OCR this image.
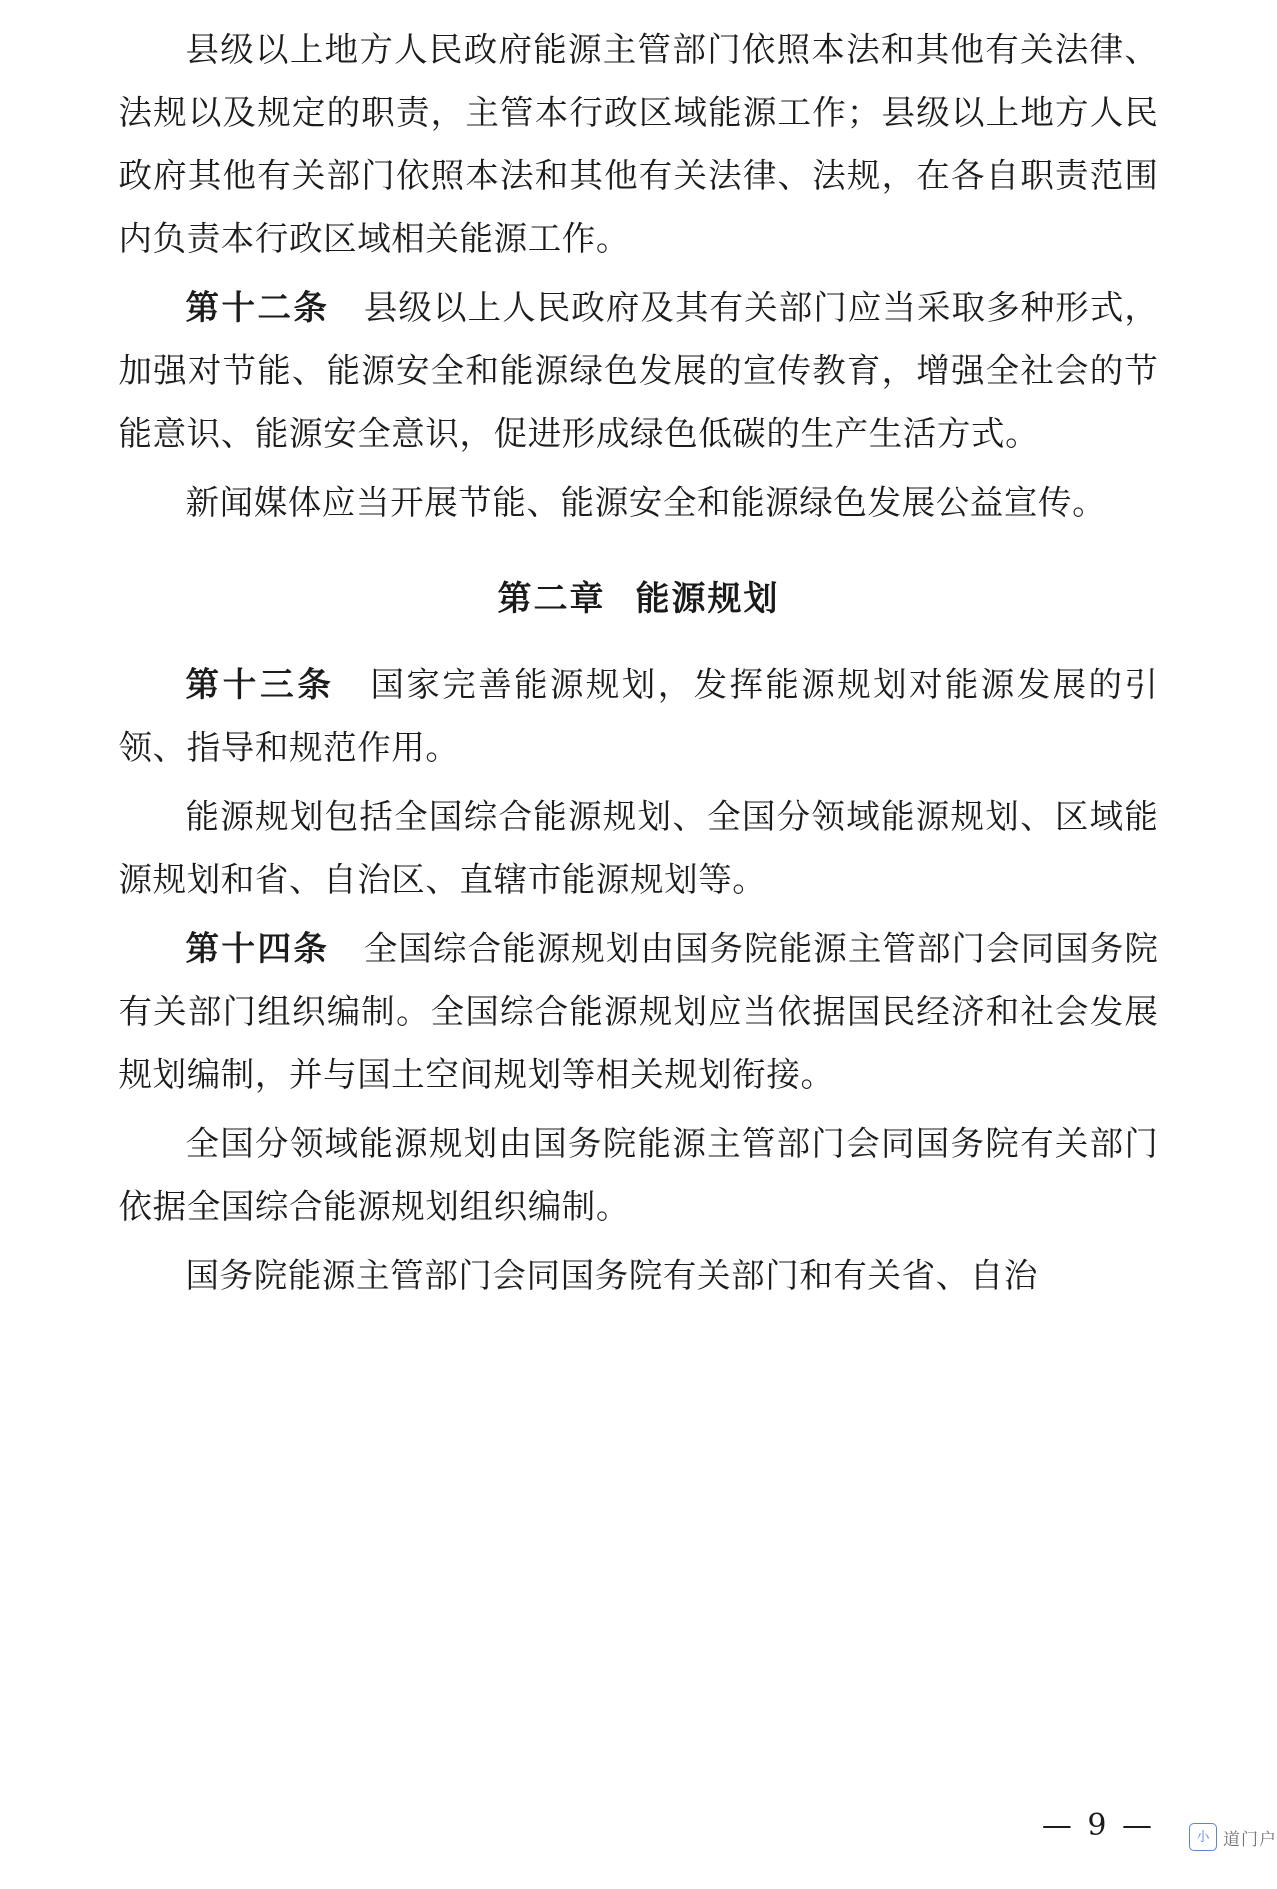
县级以上地方人民政府能源主管部门依照本法和其他有关法律、法规以及规定的职责，主管本行政区域能源工作；县级以上地方人民政府其他有关部门依照本法和其他有关法律、法规，在各自职责范围内负责本行政区域相关能源工作。

第十二条 县级以上人民政府及其有关部门应当采取多种形式，加强对节能、能源安全和能源绿色发展的宣传教育，增强全社会的节能意识、能源安全意识，促进形成绿色低碳的生产生活方式。

新闻媒体应当开展节能、能源安全和能源绿色发展公益宣传。

第二章 能源规划

第十三条 国家完善能源规划，发挥能源规划对能源发展的引领、指导和规范作用。

能源规划包括全国综合能源规划、全国分领域能源规划、区域能源规划和省、自治区、直辖市能源规划等。

第十四条 全国综合能源规划由国务院能源主管部门会同国务院有关部门组织编制。全国综合能源规划应当依据国民经济和社会发展规划编制，并与国土空间规划等相关规划衔接。

全国分领域能源规划由国务院能源主管部门会同国务院有关部门依据全国综合能源规划组织编制。

国务院能源主管部门会同国务院有关部门和有关省、自治

— 9 —	小 道门户
